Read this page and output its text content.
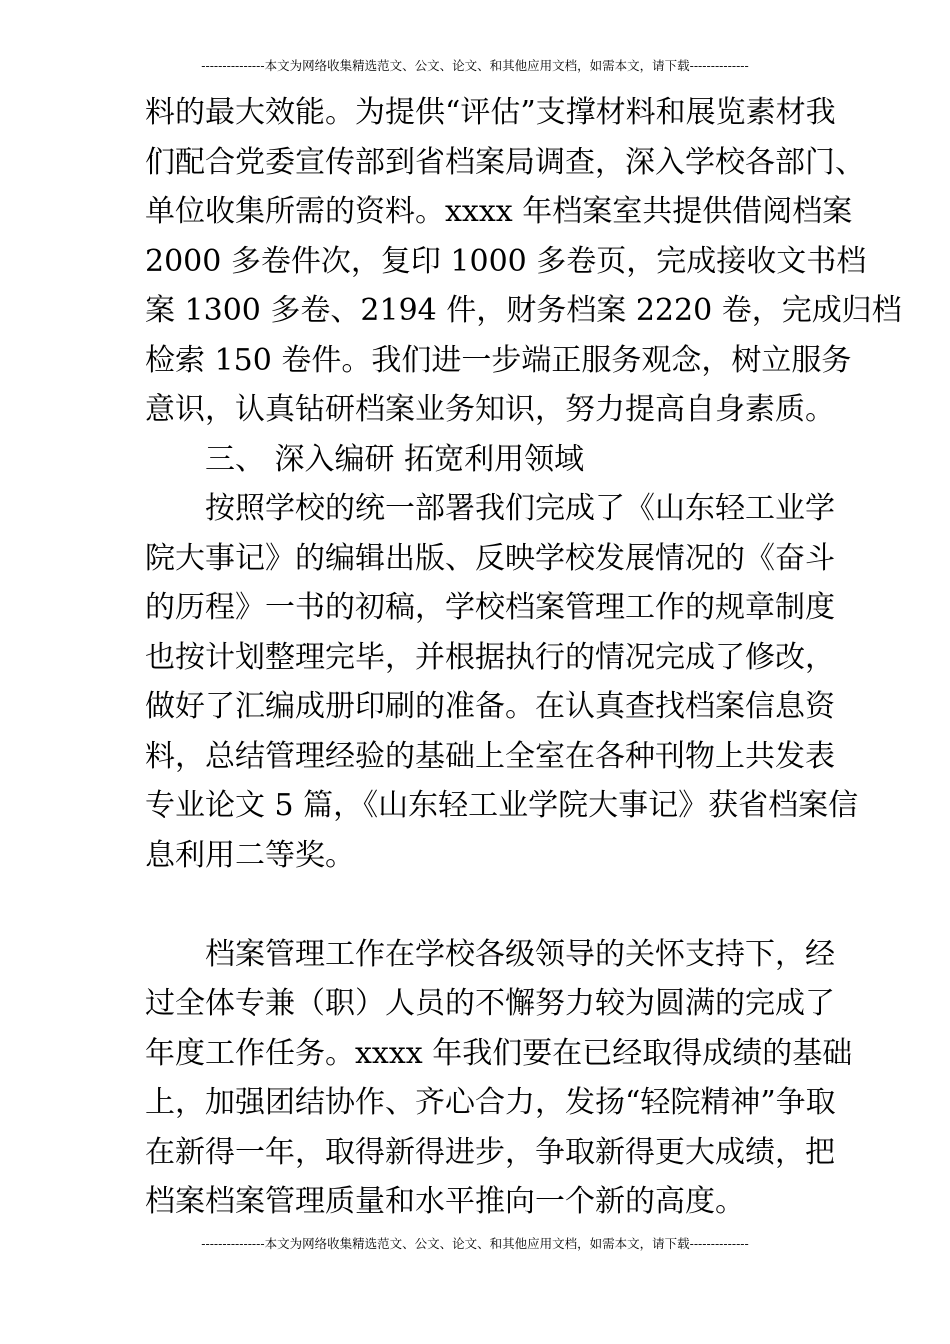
---------------本文为网络收集精选范文、公文、论文、和其他应用文档，如需本文，请下载--------------
料的最大效能。为提供“评估”支撑材料和展览素材我
们配合党委宣传部到省档案局调查，深入学校各部门、
单位收集所需的资料。xxxx 年档案室共提供借阅档案
2000 多卷件次，复印 1000 多卷页，完成接收文书档
案 1300 多卷、2194 件，财务档案 2220 卷，完成归档
检索 150 卷件。我们进一步端正服务观念，树立服务
意识，认真钻研档案业务知识，努力提高自身素质。
三、 深入编研 拓宽利用领域
按照学校的统一部署我们完成了《山东轻工业学
院大事记》的编辑出版、反映学校发展情况的《奋斗
的历程》一书的初稿，学校档案管理工作的规章制度
也按计划整理完毕，并根据执行的情况完成了修改，
做好了汇编成册印刷的准备。在认真查找档案信息资
料，总结管理经验的基础上全室在各种刊物上共发表
专业论文 5 篇，《山东轻工业学院大事记》获省档案信
息利用二等奖。
档案管理工作在学校各级领导的关怀支持下，经
过全体专兼（职）人员的不懈努力较为圆满的完成了
年度工作任务。xxxx 年我们要在已经取得成绩的基础
上，加强团结协作、齐心合力，发扬“轻院精神”争取
在新得一年，取得新得进步，争取新得更大成绩，把
档案档案管理质量和水平推向一个新的高度。
---------------本文为网络收集精选范文、公文、论文、和其他应用文档，如需本文，请下载--------------
